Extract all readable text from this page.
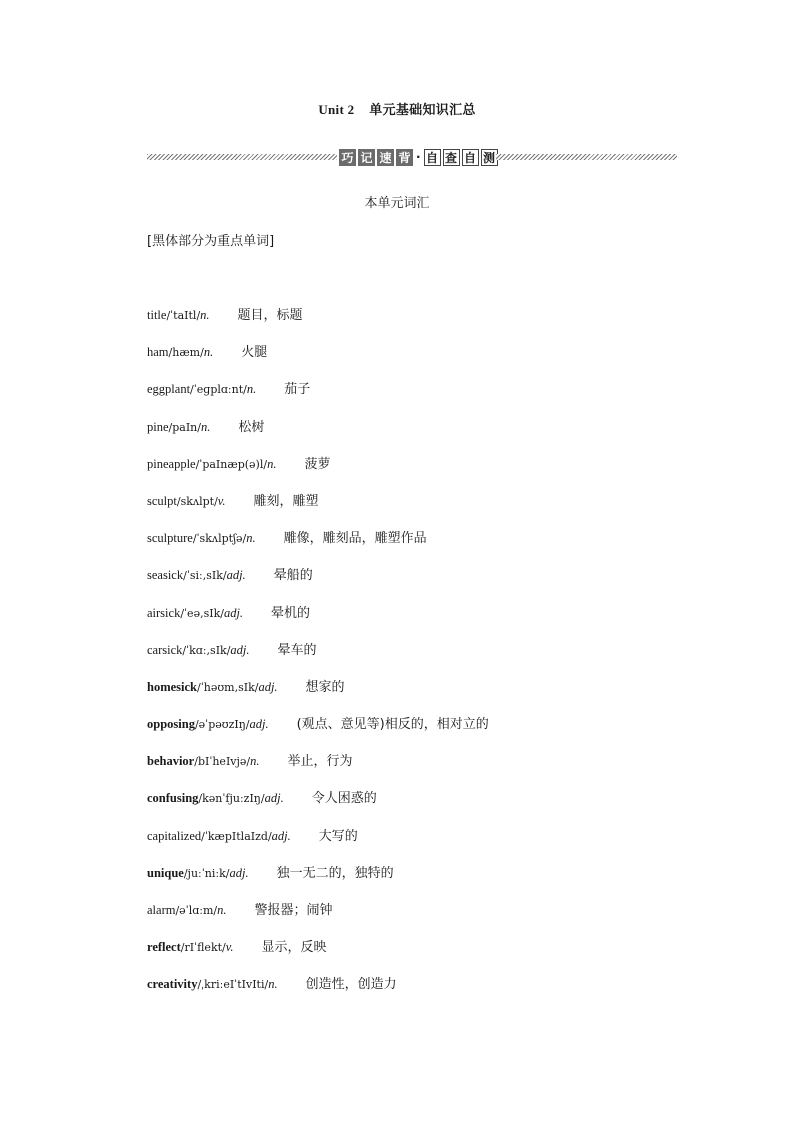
Unit 2 单元基础知识汇总
巧 记 速 背 · 自 查 自 测
本单元词汇
[黑体部分为重点单词]
title /ˈtaItl/ n. 题目，标题
ham /hæm/ n. 火腿
eggplant /ˈeɡplɑːnt/ n. 茄子
pine /paIn/ n. 松树
pineapple /ˈpaInæp(ə)l/ n. 菠萝
sculpt /skʌlpt/ v. 雕刻，雕塑
sculpture /ˈskʌlptʃə/ n. 雕像，雕刻品，雕塑作品
seasick /ˈsiː,sIk/ adj. 晕船的
airsick /ˈeə,sIk/ adj. 晕机的
carsick /ˈkɑː,sIk/ adj. 晕车的
homesick /ˈhəʊm,sIk/ adj. 想家的
opposing /əˈpəʊzIŋ/ adj. (观点、意见等)相反的，相对立的
behavior /bIˈheIvjə/ n. 举止，行为
confusing /kənˈfjuːzIŋ/ adj. 令人困惑的
capitalized /ˈkæpItlaIzd/ adj. 大写的
unique /juːˈniːk/ adj. 独一无二的，独特的
alarm /əˈlɑːm/ n. 警报器；闹钟
reflect /rIˈflekt/ v. 显示，反映
creativity /ˌkriːeIˈtIvIti/ n. 创造性，创造力
